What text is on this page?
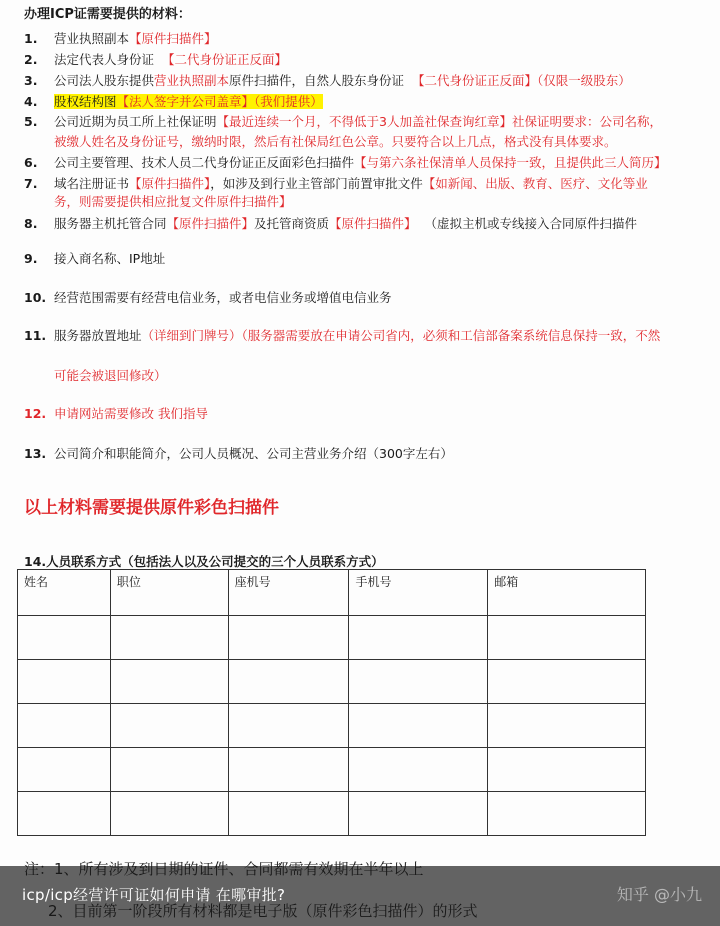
办理ICP证需要提供的材料：
1. 营业执照副本【原件扫描件】
2. 法定代表人身份证 【二代身份证正反面】
3. 公司法人股东提供营业执照副本原件扫描件，自然人股东身份证 【二代身份证正反面】（仅限一级股东）
4. 股权结构图【法人签字并公司盖章】（我们提供）
5. 公司近期为员工所上社保证明【最近连续一个月，不得低于3人加盖社保查询红章】社保证明要求：公司名称，
被缴人姓名及身份证号，缴纳时限，然后有社保局红色公章。只要符合以上几点，格式没有具体要求。
6. 公司主要管理、技术人员二代身份证正反面彩色扫描件【与第六条社保清单人员保持一致，且提供此三人简历】
7. 域名注册证书【原件扫描件】，如涉及到行业主管部门前置审批文件【如新闻、出版、教育、医疗、文化等业
务，则需要提供相应批复文件原件扫描件】
8. 服务器主机托管合同【原件扫描件】及托管商资质【原件扫描件】 （虚拟主机或专线接入合同原件扫描件
9. 接入商名称、IP地址
10. 经营范围需要有经营电信业务，或者电信业务或增值电信业务
11. 服务器放置地址（详细到门牌号）（服务器需要放在申请公司省内，必须和工信部备案系统信息保持一致，不然
可能会被退回修改）
12. 申请网站需要修改 我们指导
13. 公司简介和职能简介，公司人员概况、公司主营业务介绍（300字左右）
以上材料需要提供原件彩色扫描件
14.人员联系方式（包括法人以及公司提交的三个人员联系方式）
姓名	职位	座机号	手机号	邮箱

icp/icp经营许可证如何申请 在哪审批?	知乎 @小九
